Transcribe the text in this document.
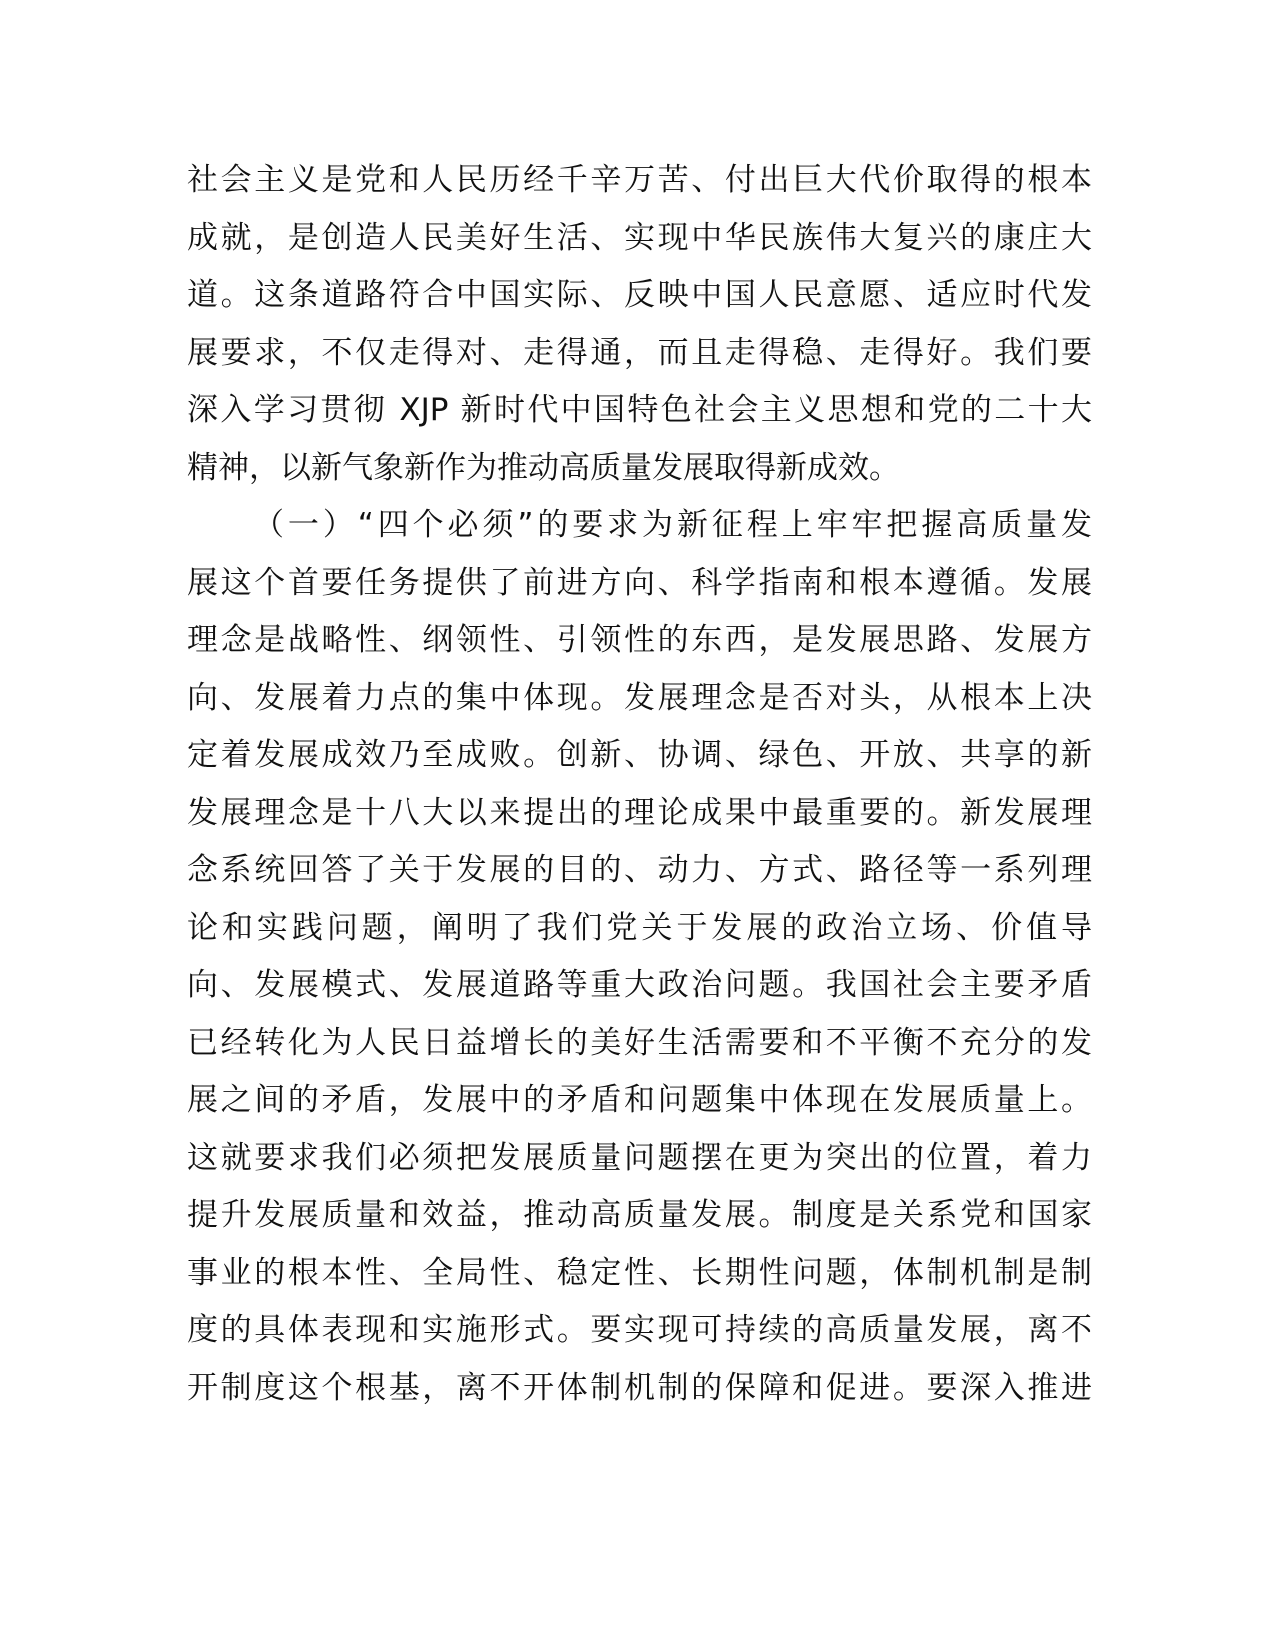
社会主义是党和人民历经千辛万苦、付出巨大代价取得的根本
成就，是创造人民美好生活、实现中华民族伟大复兴的康庄大
道。这条道路符合中国实际、反映中国人民意愿、适应时代发
展要求，不仅走得对、走得通，而且走得稳、走得好。我们要
深入学习贯彻 XJP 新时代中国特色社会主义思想和党的二十大
精神，以新气象新作为推动高质量发展取得新成效。
（一）“四个必须”的要求为新征程上牢牢把握高质量发
展这个首要任务提供了前进方向、科学指南和根本遵循。发展
理念是战略性、纲领性、引领性的东西，是发展思路、发展方
向、发展着力点的集中体现。发展理念是否对头，从根本上决
定着发展成效乃至成败。创新、协调、绿色、开放、共享的新
发展理念是十八大以来提出的理论成果中最重要的。新发展理
念系统回答了关于发展的目的、动力、方式、路径等一系列理
论和实践问题，阐明了我们党关于发展的政治立场、价值导
向、发展模式、发展道路等重大政治问题。我国社会主要矛盾
已经转化为人民日益增长的美好生活需要和不平衡不充分的发
展之间的矛盾，发展中的矛盾和问题集中体现在发展质量上。
这就要求我们必须把发展质量问题摆在更为突出的位置，着力
提升发展质量和效益，推动高质量发展。制度是关系党和国家
事业的根本性、全局性、稳定性、长期性问题，体制机制是制
度的具体表现和实施形式。要实现可持续的高质量发展，离不
开制度这个根基，离不开体制机制的保障和促进。要深入推进
